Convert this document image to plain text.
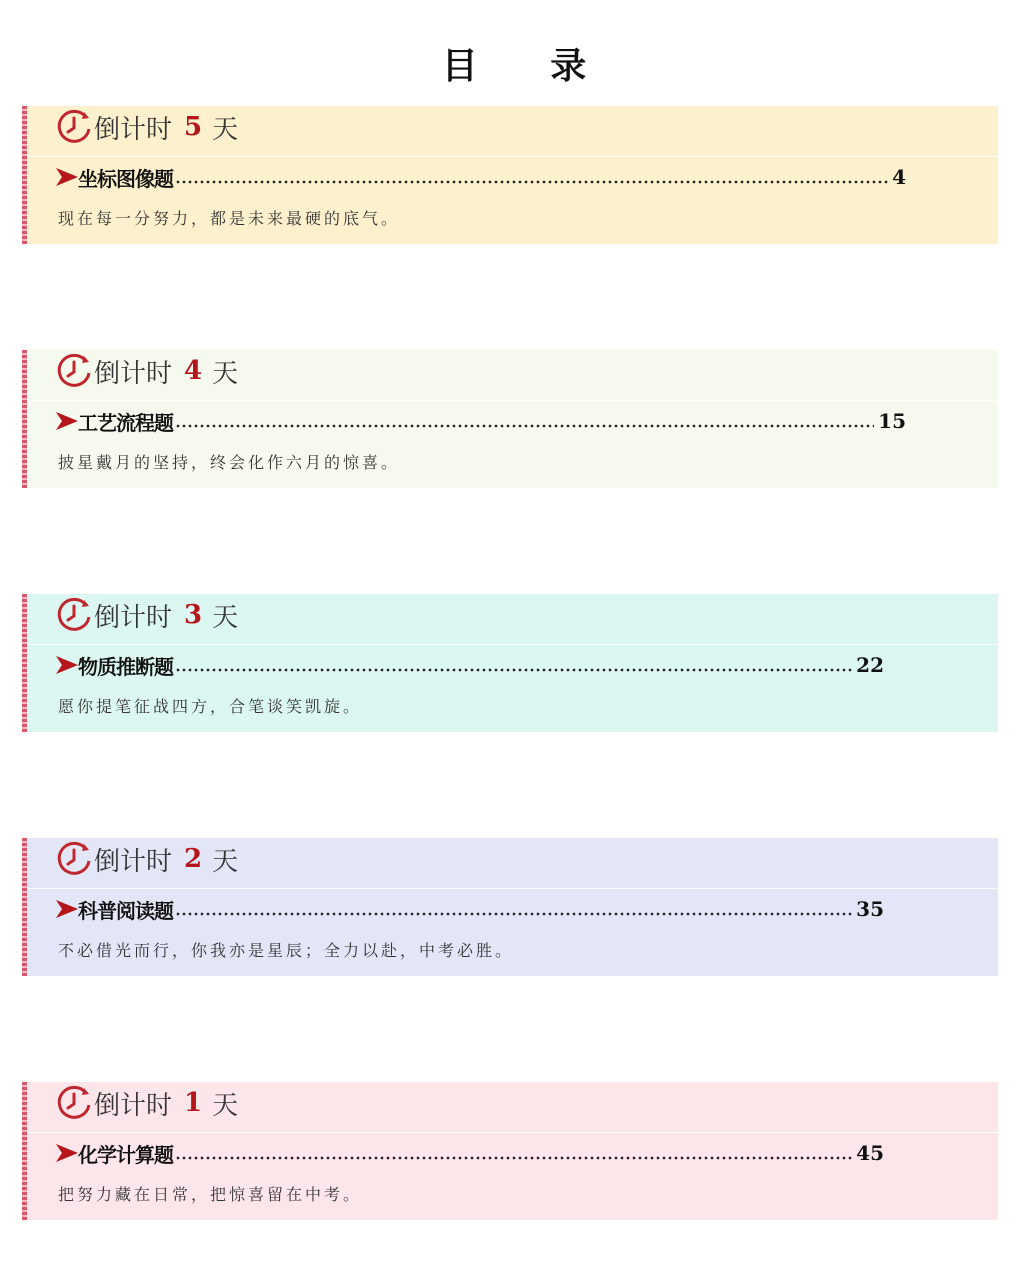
目 录
倒计时 5 天
坐标图像题	4
现在每一分努力，都是未来最硬的底气。
倒计时 4 天
工艺流程题	15
披星戴月的坚持，终会化作六月的惊喜。
倒计时 3 天
物质推断题	22
愿你提笔征战四方，合笔谈笑凯旋。
倒计时 2 天
科普阅读题	35
不必借光而行，你我亦是星辰；全力以赴，中考必胜。
倒计时 1 天
化学计算题	45
把努力藏在日常，把惊喜留在中考。
